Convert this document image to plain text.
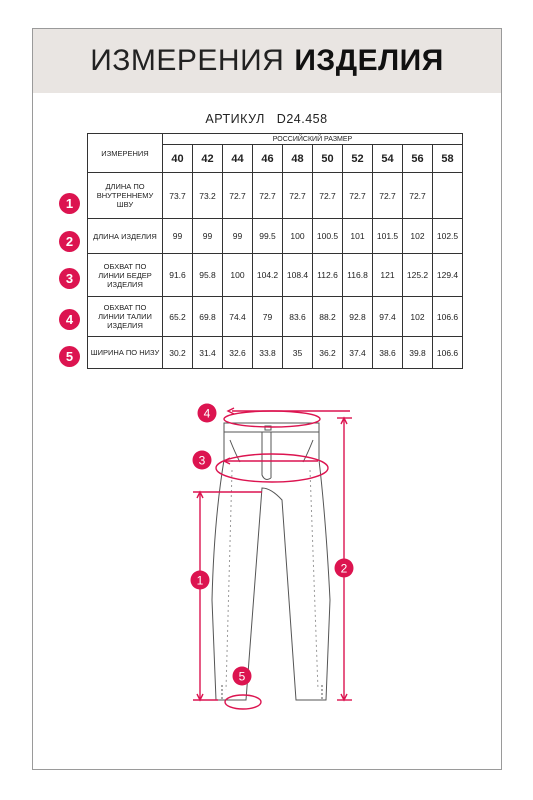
ИЗМЕРЕНИЯ ИЗДЕЛИЯ
АРТИКУЛ D24.458
ИЗМЕРЕНИЯ	РОССИЙСКИЙ РАЗМЕР									
	40	42	44	46	48	50	52	54	56	58
ДЛИНА ПО ВНУТРЕННЕМУ ШВУ	73.7	73.2	72.7	72.7	72.7	72.7	72.7	72.7	72.7	
ДЛИНА ИЗДЕЛИЯ	99	99	99	99.5	100	100.5	101	101.5	102	102.5
ОБХВАТ ПО ЛИНИИ БЕДЕР ИЗДЕЛИЯ	91.6	95.8	100	104.2	108.4	112.6	116.8	121	125.2	129.4
ОБХВАТ ПО ЛИНИИ ТАЛИИ ИЗДЕЛИЯ	65.2	69.8	74.4	79	83.6	88.2	92.8	97.4	102	106.6
ШИРИНА ПО НИЗУ	30.2	31.4	32.6	33.8	35	36.2	37.4	38.6	39.8	106.6
1
2
3
4
5
4
3
1
2
5
